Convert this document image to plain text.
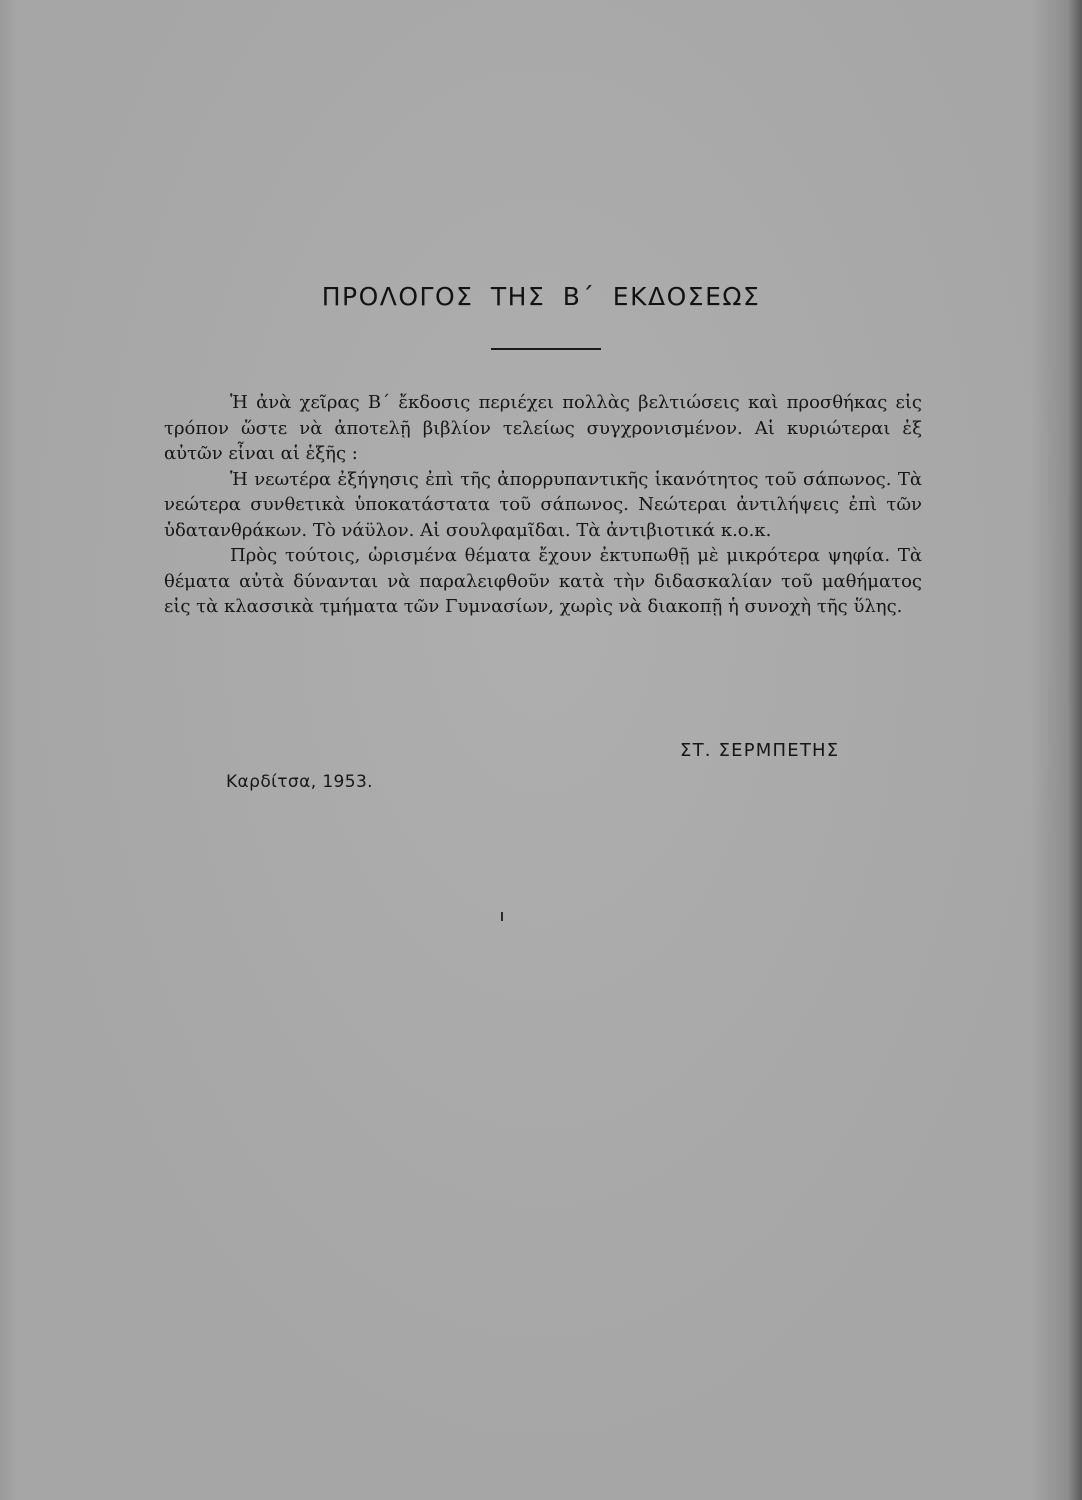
ΠΡΟΛΟΓΟΣ ΤΗΣ Β΄ ΕΚΔΟΣΕΩΣ

Ἡ ἀνὰ χεῖρας Β΄ ἔκδοσις περιέχει πολλὰς βελτιώσεις καὶ προσθήκας εἰς τρόπον ὥστε νὰ ἀποτελῇ βιβλίον τελείως συγχρονισμένον. Αἱ κυριώτεραι ἐξ αὐτῶν εἶναι αἱ ἑξῆς :

Ἡ νεωτέρα ἐξήγησις ἐπὶ τῆς ἀπορρυπαντικῆς ἱκανότητος τοῦ σάπωνος. Τὰ νεώτερα συνθετικὰ ὑποκατάστατα τοῦ σάπωνος. Νεώτεραι ἀντιλήψεις ἐπὶ τῶν ὑδατανθράκων. Τὸ νάϋλον. Αἱ σουλφαμῖδαι. Τὰ ἀντιβιοτικά κ.ο.κ.

Πρὸς τούτοις, ὡρισμένα θέματα ἔχουν ἐκτυπωθῇ μὲ μικρότερα ψηφία. Τὰ θέματα αὐτὰ δύνανται νὰ παραλειφθοῦν κατὰ τὴν διδασκαλίαν τοῦ μαθήματος εἰς τὰ κλασσικὰ τμήματα τῶν Γυμνασίων, χωρὶς νὰ διακοπῇ ἡ συνοχὴ τῆς ὕλης.

ΣΤ. ΣΕΡΜΠΕΤΗΣ
Καρδίτσα, 1953.
